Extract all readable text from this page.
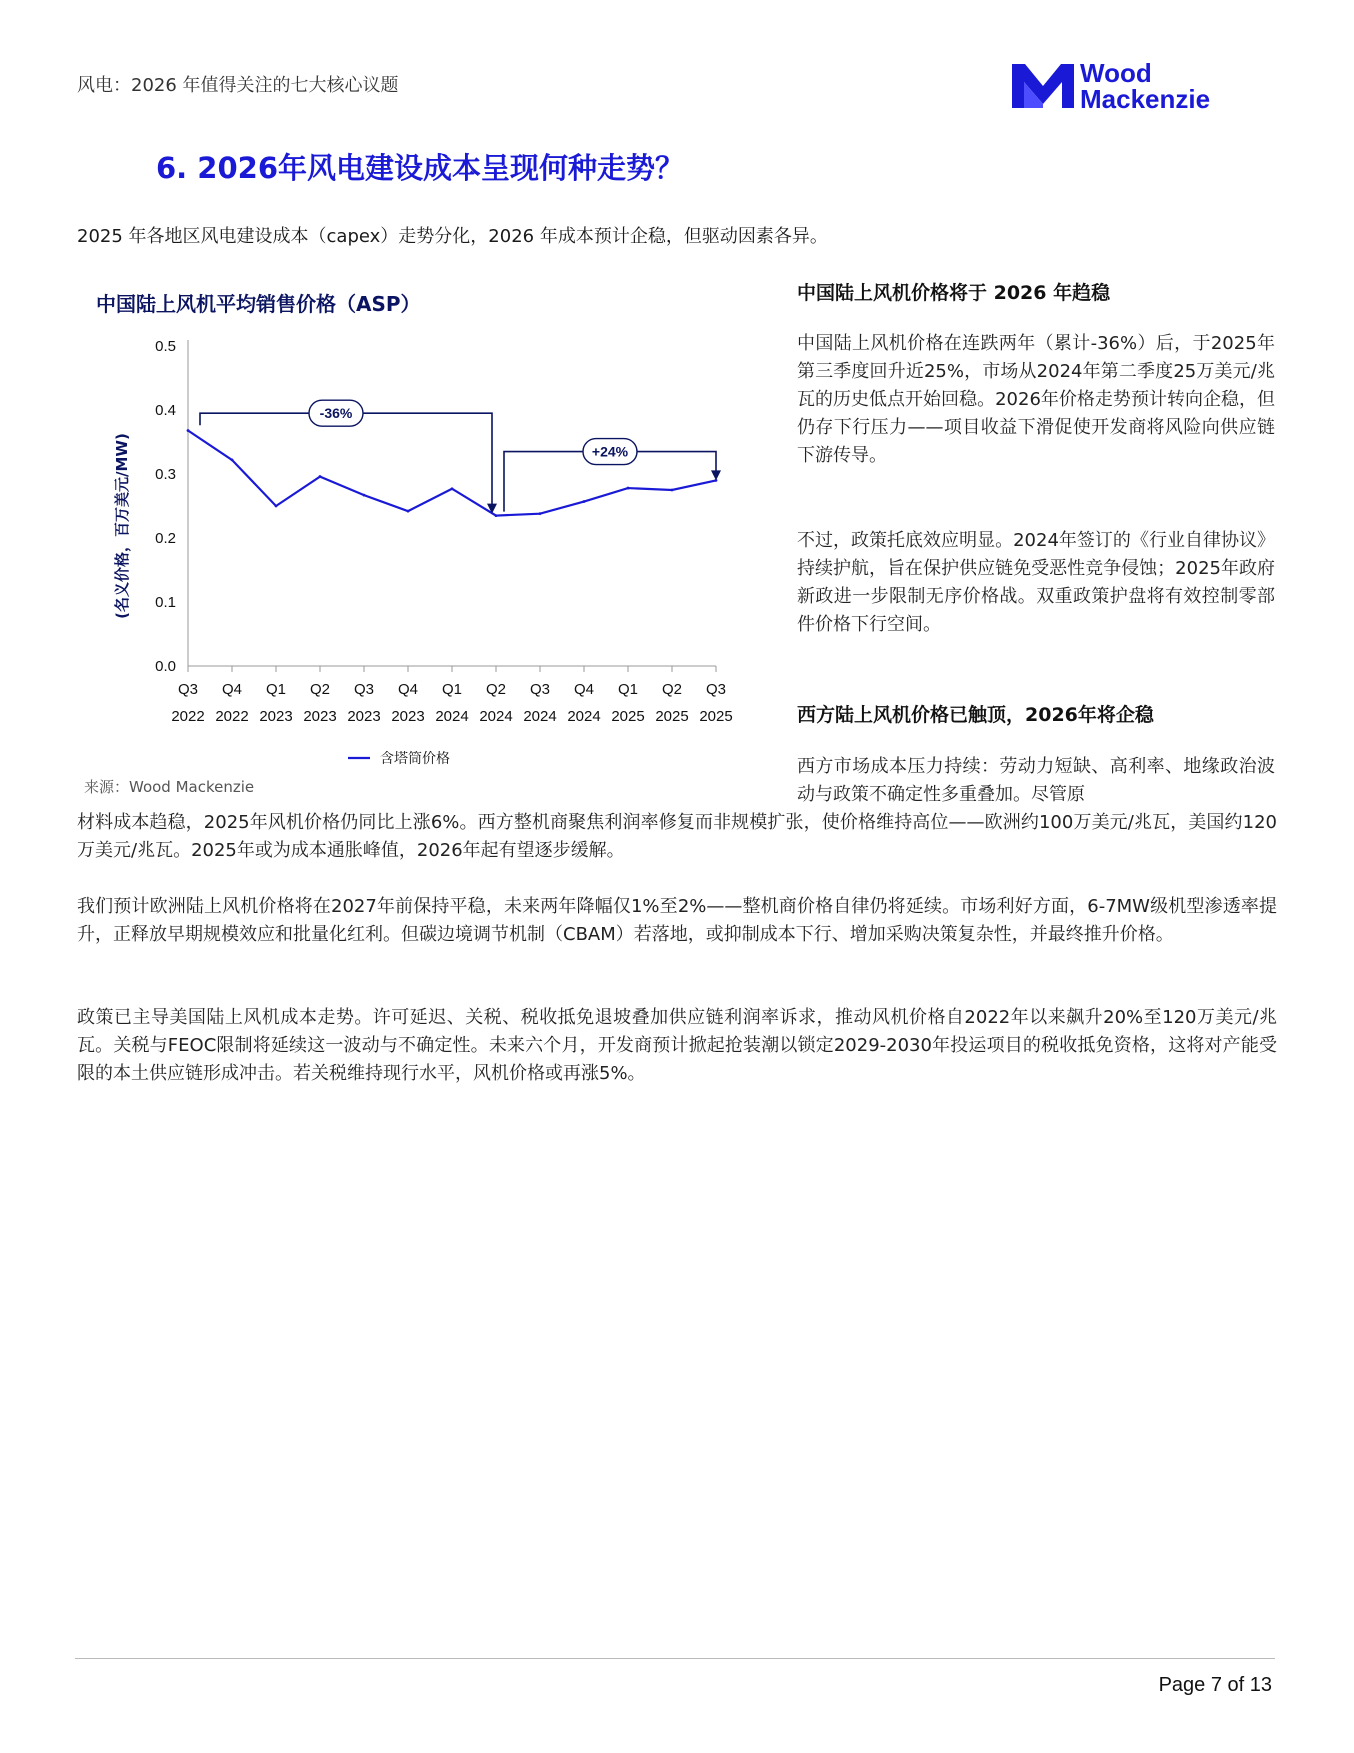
风电：2026 年值得关注的七大核心议题	Wood
Mackenzie
6. 2026年风电建设成本呈现何种走势？
2025 年各地区风电建设成本（capex）走势分化，2026 年成本预计企稳，但驱动因素各异。
中国陆上风机平均销售价格（ASP）
0.0
0.1
0.2
0.3
0.4
0.5
Q3
2022
Q4
2022
Q1
2023
Q2
2023
Q3
2023
Q4
2023
Q1
2024
Q2
2024
Q3
2024
Q4
2024
Q1
2025
Q2
2025
Q3
2025
(名义价格，百万美元/MW)
-36%
+24%
含塔筒价格
来源：Wood Mackenzie
中国陆上风机价格将于 2026 年趋稳

中国陆上风机价格在连跌两年（累计-36%）后，于2025年第三季度回升近25%，市场从2024年第二季度25万美元/兆瓦的历史低点开始回稳。2026年价格走势预计转向企稳，但仍存下行压力——项目收益下滑促使开发商将风险向供应链下游传导。

不过，政策托底效应明显。2024年签订的《行业自律协议》持续护航，旨在保护供应链免受恶性竞争侵蚀；2025年政府新政进一步限制无序价格战。双重政策护盘将有效控制零部件价格下行空间。

西方陆上风机价格已触顶，2026年将企稳

西方市场成本压力持续：劳动力短缺、高利率、地缘政治波动与政策不确定性多重叠加。尽管原

材料成本趋稳，2025年风机价格仍同比上涨6%。西方整机商聚焦利润率修复而非规模扩张，使价格维持高位——欧洲约100万美元/兆瓦，美国约120万美元/兆瓦。2025年或为成本通胀峰值，2026年起有望逐步缓解。

我们预计欧洲陆上风机价格将在2027年前保持平稳，未来两年降幅仅1%至2%——整机商价格自律仍将延续。市场利好方面，6-7MW级机型渗透率提升，正释放早期规模效应和批量化红利。但碳边境调节机制（CBAM）若落地，或抑制成本下行、增加采购决策复杂性，并最终推升价格。

政策已主导美国陆上风机成本走势。许可延迟、关税、税收抵免退坡叠加供应链利润率诉求，推动风机价格自2022年以来飙升20%至120万美元/兆瓦。关税与FEOC限制将延续这一波动与不确定性。未来六个月，开发商预计掀起抢装潮以锁定2029-2030年投运项目的税收抵免资格，这将对产能受限的本土供应链形成冲击。若关税维持现行水平，风机价格或再涨5%。

Page 7 of 13
